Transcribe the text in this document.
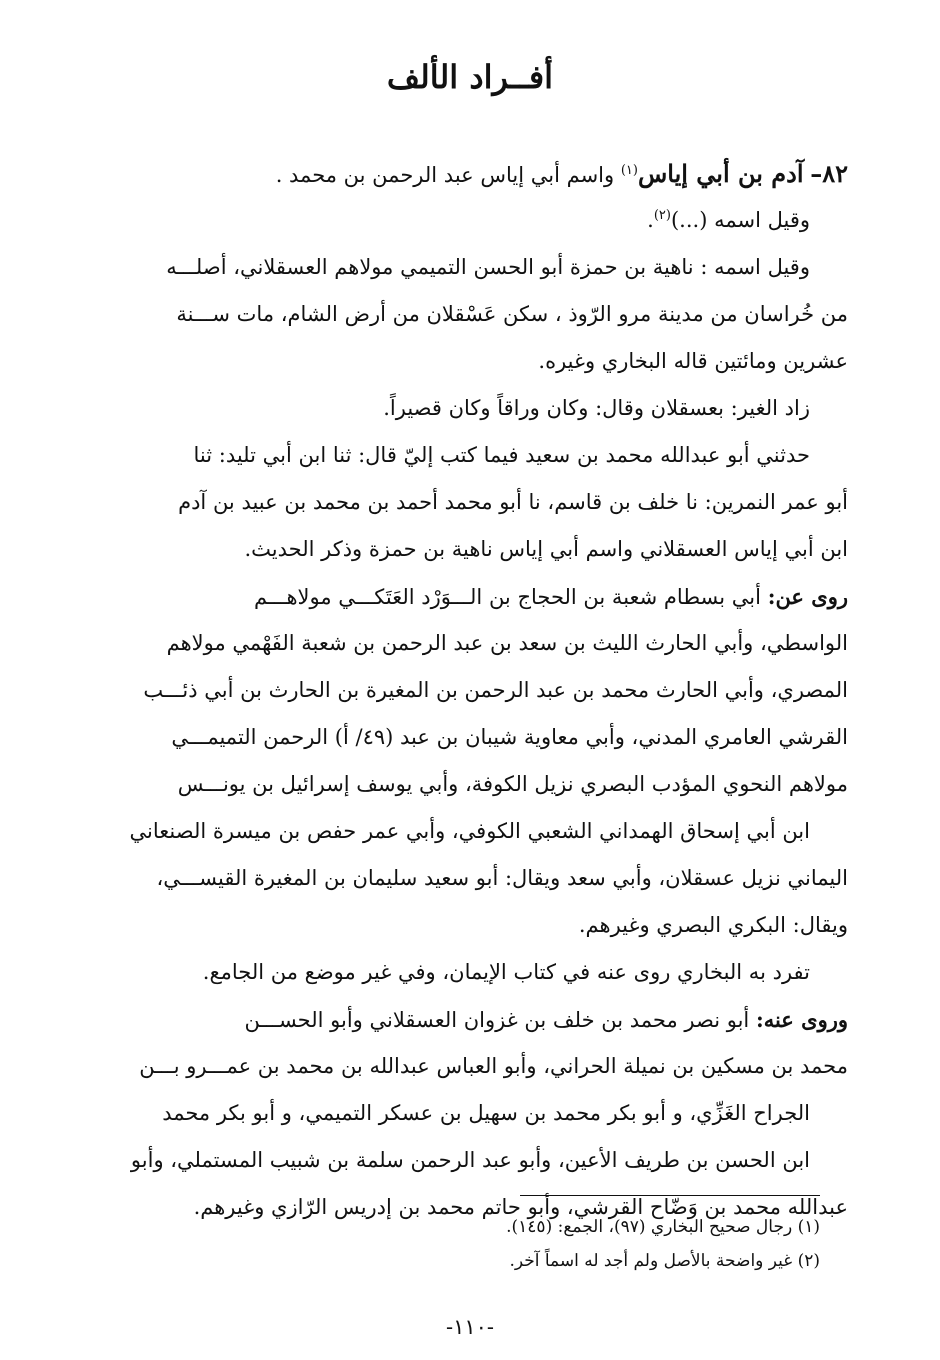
أفــراد الألف
٨٢– آدم بن أبي إياس$^{(١)}$ واسم أبي إياس عبد الرحمن بن محمد .
وقيل اسمه (...)$^{(٢)}$.
وقيل اسمه : ناهية بن حمزة أبو الحسن التميمي مولاهم العسقلاني، أصلـــه
من خُراسان من مدينة مرو الرّوذ ، سكن عَسْقلان من أرض الشام، مات ســـنة
عشرين ومائتين قاله البخاري وغيره.
زاد الغير: بعسقلان وقال: وكان وراقاً وكان قصيراً.
حدثني أبو عبدالله محمد بن سعيد فيما كتب إليّ قال: ثنا ابن أبي تليد: ثنا
أبو عمر النمرين: نا خلف بن قاسم، نا أبو محمد أحمد بن محمد بن عبيد بن آدم
ابن أبي إياس العسقلاني واسم أبي إياس ناهية بن حمزة وذكر الحديث.
روى عن: أبي بسطام شعبة بن الحجاج بن الـــوَرْد العَتَكـــي مولاهـــم
الواسطي، وأبي الحارث الليث بن سعد بن عبد الرحمن بن شعبة الفَهْمي مولاهم
المصري، وأبي الحارث محمد بن عبد الرحمن بن المغيرة بن الحارث بن أبي ذئـــب
القرشي العامري المدني، وأبي معاوية شيبان بن عبد (٤٩/ أ) الرحمن التميمـــي
مولاهم النحوي المؤدب البصري نزيل الكوفة، وأبي يوسف إسرائيل بن يونـــس
ابن أبي إسحاق الهمداني الشعبي الكوفي، وأبي عمر حفص بن ميسرة الصنعاني
اليماني نزيل عسقلان، وأبي سعد ويقال: أبو سعيد سليمان بن المغيرة القيســـي،
ويقال: البكري البصري وغيرهم.
تفرد به البخاري روى عنه في كتاب الإيمان، وفي غير موضع من الجامع.
وروى عنه: أبو نصر محمد بن خلف بن غزوان العسقلاني وأبو الحســـن
محمد بن مسكين بن نميلة الحراني، وأبو العباس عبدالله بن محمد بن عمـــرو بـــن
الجراح الغَزِّي، و أبو بكر محمد بن سهيل بن عسكر التميمي، و أبو بكر محمد
ابن الحسن بن طريف الأعين، وأبو عبد الرحمن سلمة بن شبيب المستملي، وأبو
عبدالله محمد بن وَضّاح القرشي، وأبو حاتم محمد بن إدريس الرّازي وغيرهم.
(١) رجال صحيح البخاري (٩٧)، الجمع: (١٤٥).
(٢) غير واضحة بالأصل ولم أجد له اسماً آخر.
-١١٠-
